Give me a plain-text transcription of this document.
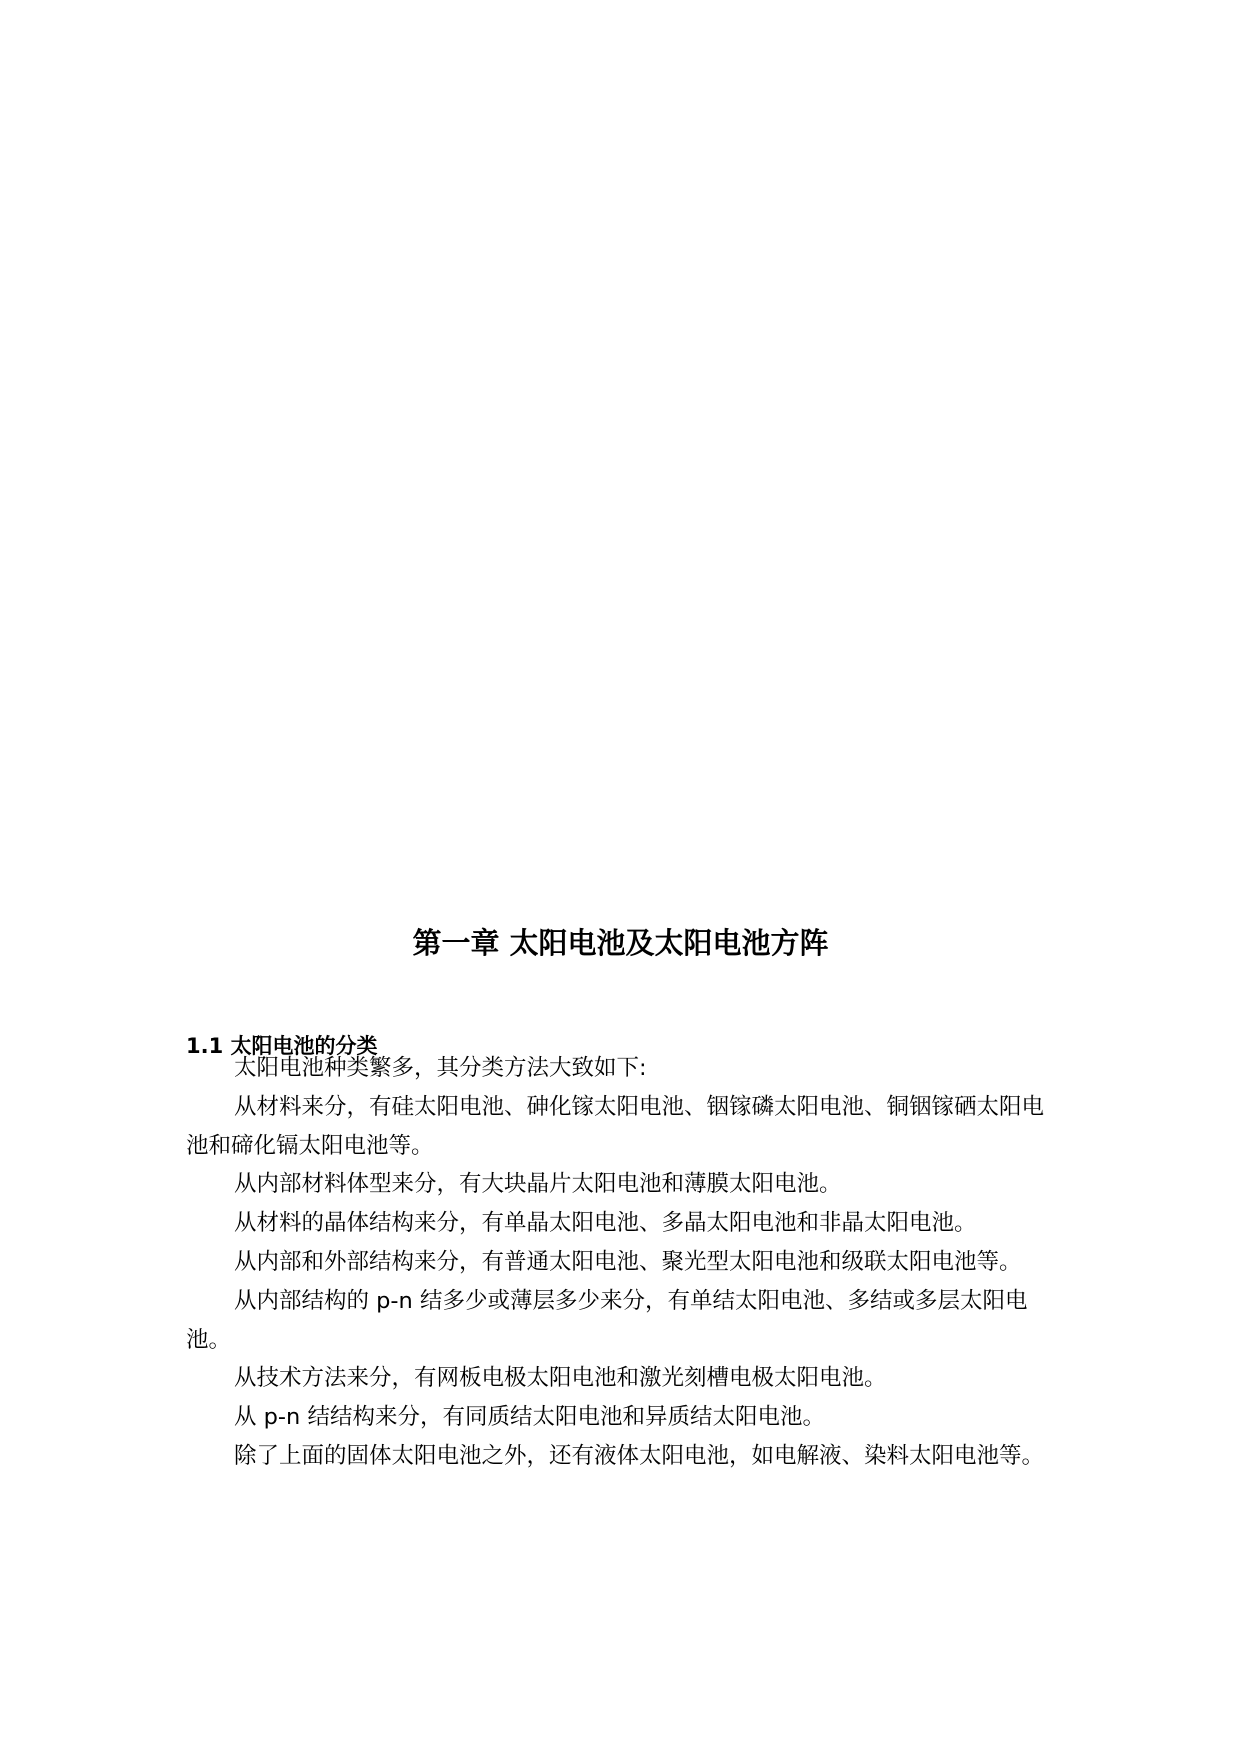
第一章 太阳电池及太阳电池方阵
1.1 太阳电池的分类

太阳电池种类繁多，其分类方法大致如下:

从材料来分，有硅太阳电池、砷化镓太阳电池、铟镓磷太阳电池、铜铟镓硒太阳电池和碲化镉太阳电池等。

从内部材料体型来分，有大块晶片太阳电池和薄膜太阳电池。

从材料的晶体结构来分，有单晶太阳电池、多晶太阳电池和非晶太阳电池。

从内部和外部结构来分，有普通太阳电池、聚光型太阳电池和级联太阳电池等。

从内部结构的 p-n 结多少或薄层多少来分，有单结太阳电池、多结或多层太阳电池。

从技术方法来分，有网板电极太阳电池和激光刻槽电极太阳电池。

从 p-n 结结构来分，有同质结太阳电池和异质结太阳电池。

除了上面的固体太阳电池之外，还有液体太阳电池，如电解液、染料太阳电池等。
